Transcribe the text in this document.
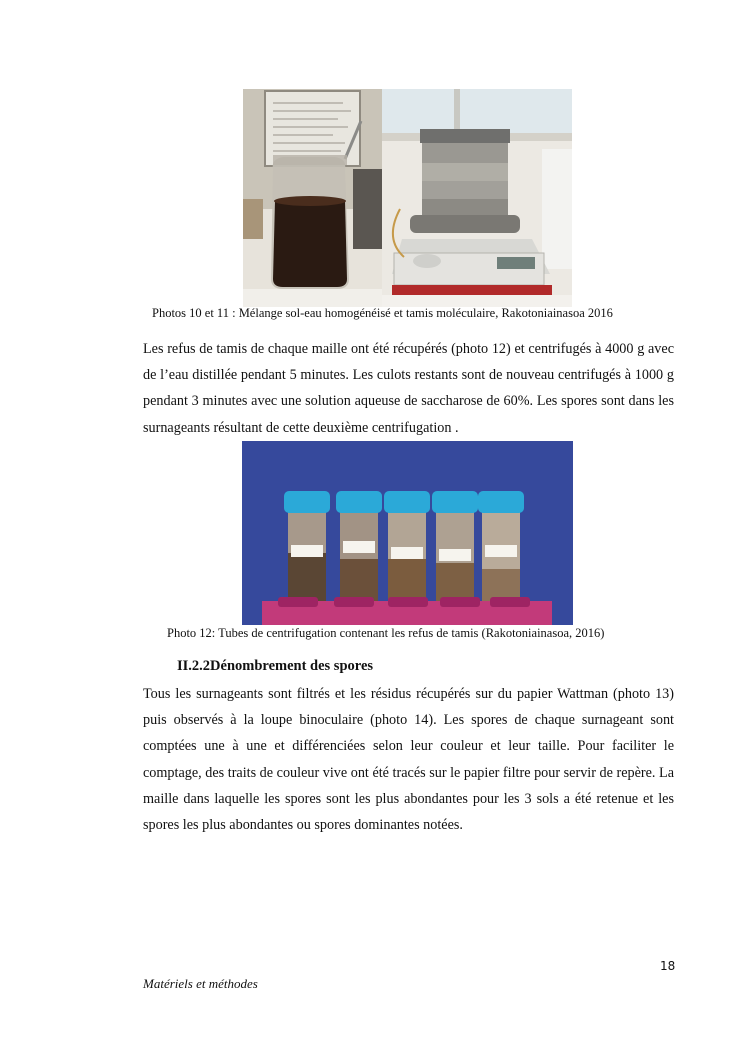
Photos 10 et 11 : Mélange sol-eau homogénéisé et tamis moléculaire, Rakotoniainasoa 2016

Les refus de tamis de chaque maille ont été récupérés (photo 12) et centrifugés à 4000 g avec de l’eau distillée pendant 5 minutes. Les culots restants sont de nouveau centrifugés à 1000 g pendant 3 minutes avec une solution aqueuse de saccharose de 60%. Les spores sont dans les surnageants résultant de cette deuxième centrifugation .

Photo 12: Tubes de centrifugation contenant les refus de tamis (Rakotoniainasoa, 2016)
II.2.2Dénombrement des spores

Tous les surnageants sont filtrés et les résidus récupérés sur du papier Wattman (photo 13) puis observés à la loupe binoculaire (photo 14). Les spores de chaque surnageant sont comptées une à une et différenciées selon leur couleur et leur taille. Pour faciliter le comptage, des traits de couleur vive ont été tracés sur le papier filtre pour servir de repère. La maille dans laquelle les spores sont les plus abondantes pour les 3 sols a été retenue et les spores les plus abondantes ou spores dominantes notées.

18
Matériels et méthodes
